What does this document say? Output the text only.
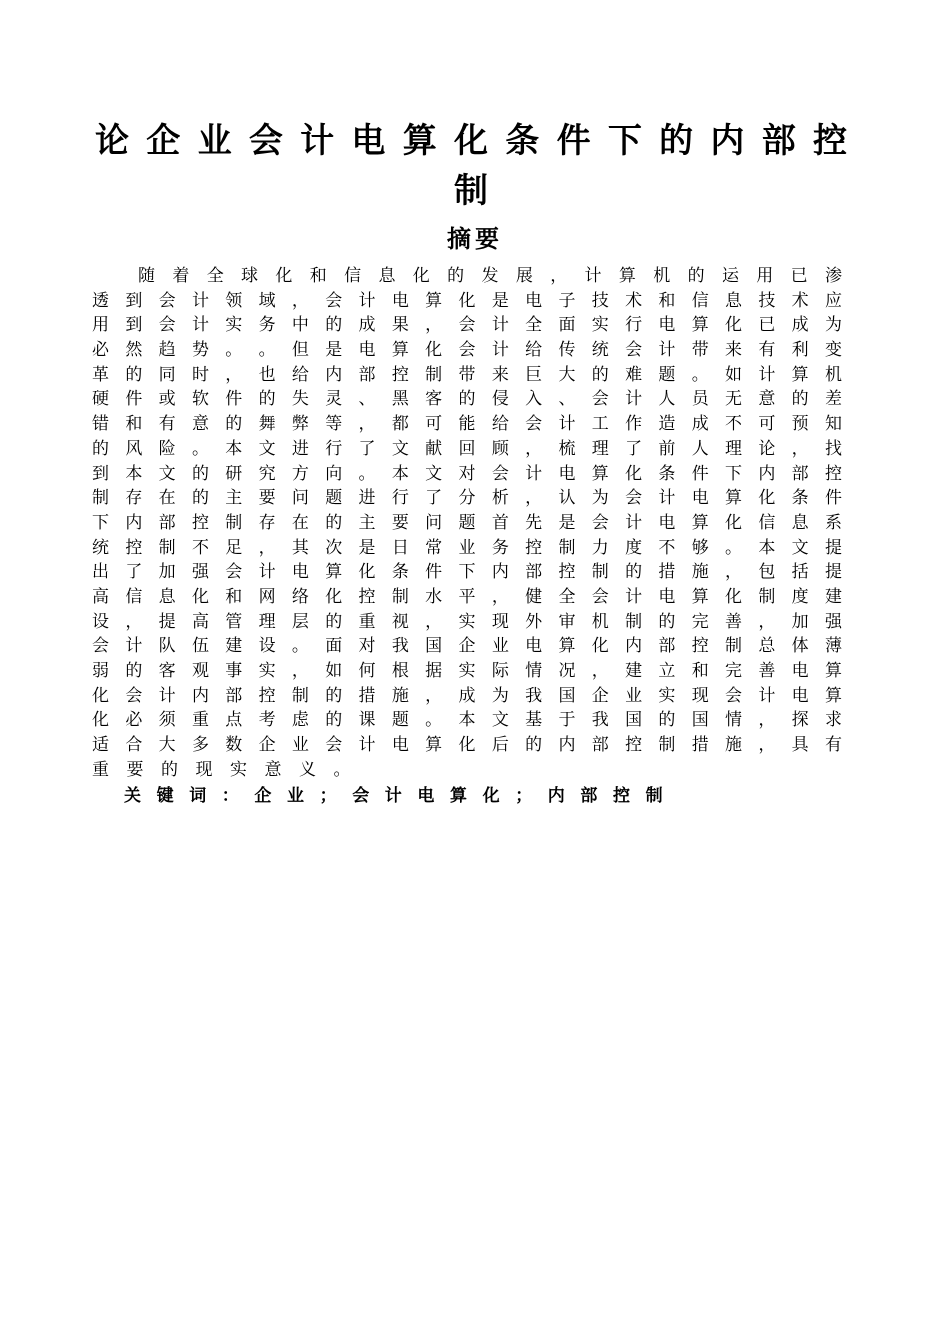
论 企 业 会 计 电 算 化 条 件 下 的 内 部 控
制
摘要
随 着 全 球 化 和 信 息 化 的 发 展 ， 计 算 机 的 运 用 已 渗
透 到 会 计 领 域 ， 会 计 电 算 化 是 电 子 技 术 和 信 息 技 术 应
用 到 会 计 实 务 中 的 成 果 ， 会 计 全 面 实 行 电 算 化 已 成 为
必 然 趋 势 。 。 但 是 电 算 化 会 计 给 传 统 会 计 带 来 有 利 变
革 的 同 时 ， 也 给 内 部 控 制 带 来 巨 大 的 难 题 。 如 计 算 机
硬 件 或 软 件 的 失 灵 、 黑 客 的 侵 入 、 会 计 人 员 无 意 的 差
错 和 有 意 的 舞 弊 等 ， 都 可 能 给 会 计 工 作 造 成 不 可 预 知
的 风 险 。 本 文 进 行 了 文 献 回 顾 ， 梳 理 了 前 人 理 论 ， 找
到 本 文 的 研 究 方 向 。 本 文 对 会 计 电 算 化 条 件 下 内 部 控
制 存 在 的 主 要 问 题 进 行 了 分 析 ， 认 为 会 计 电 算 化 条 件
下 内 部 控 制 存 在 的 主 要 问 题 首 先 是 会 计 电 算 化 信 息 系
统 控 制 不 足 ， 其 次 是 日 常 业 务 控 制 力 度 不 够 。 本 文 提
出 了 加 强 会 计 电 算 化 条 件 下 内 部 控 制 的 措 施 ， 包 括 提
高 信 息 化 和 网 络 化 控 制 水 平 ， 健 全 会 计 电 算 化 制 度 建
设 ， 提 高 管 理 层 的 重 视 ， 实 现 外 审 机 制 的 完 善 ， 加 强
会 计 队 伍 建 设 。 面 对 我 国 企 业 电 算 化 内 部 控 制 总 体 薄
弱 的 客 观 事 实 ， 如 何 根 据 实 际 情 况 ， 建 立 和 完 善 电 算
化 会 计 内 部 控 制 的 措 施 ， 成 为 我 国 企 业 实 现 会 计 电 算
化 必 须 重 点 考 虑 的 课 题 。 本 文 基 于 我 国 的 国 情 ， 探 求
适 合 大 多 数 企 业 会 计 电 算 化 后 的 内 部 控 制 措 施 ， 具 有
重要的现实意义。
关键词：企业；会计电算化；内部控制
